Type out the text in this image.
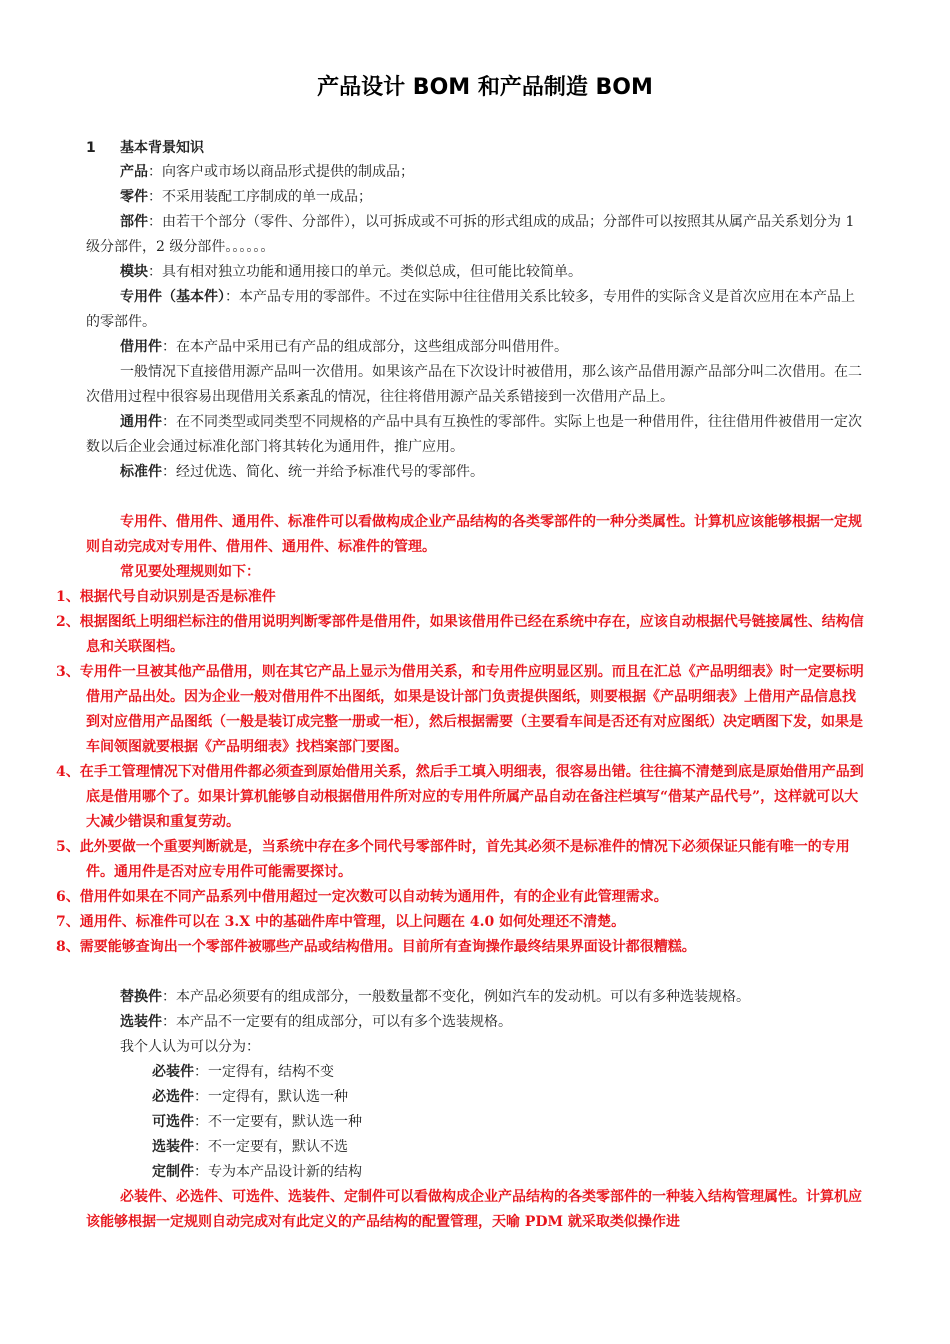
产品设计 BOM 和产品制造 BOM
1 基本背景知识
产品：向客户或市场以商品形式提供的制成品；
零件：不采用装配工序制成的单一成品；
部件：由若干个部分（零件、分部件），以可拆成或不可拆的形式组成的成品；分部件可以按照其从属产品关系划分为 1 级分部件，2 级分部件。。。。。。
模块：具有相对独立功能和通用接口的单元。类似总成，但可能比较简单。
专用件（基本件）：本产品专用的零部件。不过在实际中往往借用关系比较多，专用件的实际含义是首次应用在本产品上的零部件。
借用件：在本产品中采用已有产品的组成部分，这些组成部分叫借用件。
一般情况下直接借用源产品叫一次借用。如果该产品在下次设计时被借用，那么该产品借用源产品部分叫二次借用。在二次借用过程中很容易出现借用关系紊乱的情况，往往将借用源产品关系错接到一次借用产品上。
通用件：在不同类型或同类型不同规格的产品中具有互换性的零部件。实际上也是一种借用件，往往借用件被借用一定次数以后企业会通过标准化部门将其转化为通用件，推广应用。
标准件：经过优选、简化、统一并给予标准代号的零部件。
专用件、借用件、通用件、标准件可以看做构成企业产品结构的各类零部件的一种分类属性。计算机应该能够根据一定规则自动完成对专用件、借用件、通用件、标准件的管理。
常见要处理规则如下：
1、根据代号自动识别是否是标准件
2、根据图纸上明细栏标注的借用说明判断零部件是借用件，如果该借用件已经在系统中存在，应该自动根据代号链接属性、结构信息和关联图档。
3、专用件一旦被其他产品借用，则在其它产品上显示为借用关系，和专用件应明显区别。而且在汇总《产品明细表》时一定要标明借用产品出处。因为企业一般对借用件不出图纸，如果是设计部门负责提供图纸，则要根据《产品明细表》上借用产品信息找到对应借用产品图纸（一般是装订成完整一册或一柜），然后根据需要（主要看车间是否还有对应图纸）决定晒图下发，如果是车间领图就要根据《产品明细表》找档案部门要图。
4、在手工管理情况下对借用件都必须查到原始借用关系，然后手工填入明细表，很容易出错。往往搞不清楚到底是原始借用产品到底是借用哪个了。如果计算机能够自动根据借用件所对应的专用件所属产品自动在备注栏填写“借某产品代号”，这样就可以大大减少错误和重复劳动。
5、此外要做一个重要判断就是，当系统中存在多个同代号零部件时，首先其必须不是标准件的情况下必须保证只能有唯一的专用件。通用件是否对应专用件可能需要探讨。
6、借用件如果在不同产品系列中借用超过一定次数可以自动转为通用件，有的企业有此管理需求。
7、通用件、标准件可以在 3.X 中的基础件库中管理，以上问题在 4.0 如何处理还不清楚。
8、需要能够查询出一个零部件被哪些产品或结构借用。目前所有查询操作最终结果界面设计都很糟糕。
替换件：本产品必须要有的组成部分，一般数量都不变化，例如汽车的发动机。可以有多种选装规格。
选装件：本产品不一定要有的组成部分，可以有多个选装规格。
我个人认为可以分为：
必装件：一定得有，结构不变
必选件：一定得有，默认选一种
可选件：不一定要有，默认选一种
选装件：不一定要有，默认不选
定制件：专为本产品设计新的结构
必装件、必选件、可选件、选装件、定制件可以看做构成企业产品结构的各类零部件的一种装入结构管理属性。计算机应该能够根据一定规则自动完成对有此定义的产品结构的配置管理，天喻 PDM 就采取类似操作进
